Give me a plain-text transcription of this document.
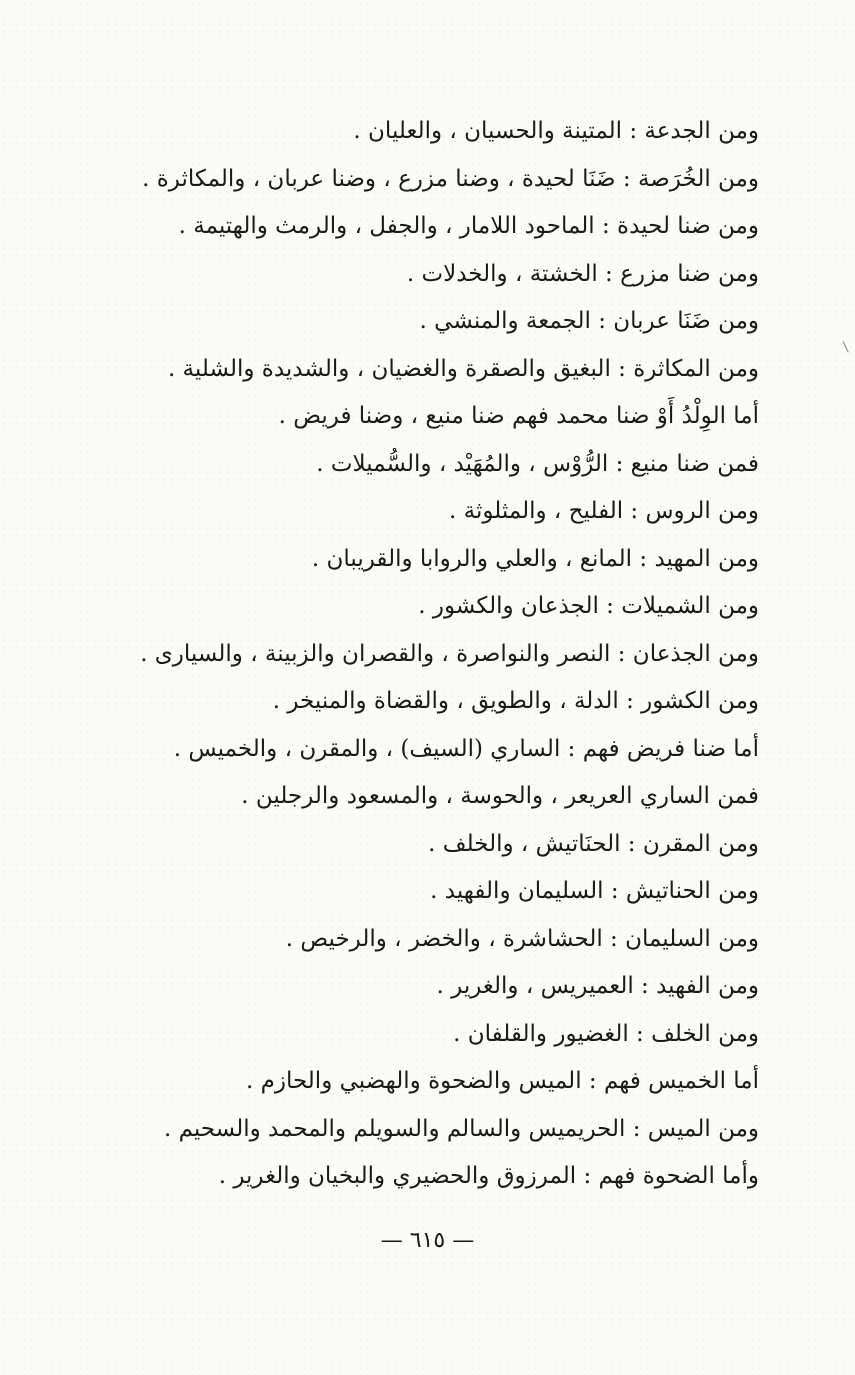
ومن الجدعة : المتينة والحسيان ، والعليان .
ومن الخُرَصة : ضَنَا لحيدة ، وضنا مزرع ، وضنا عربان ، والمكاثرة .
ومن ضنا لحيدة : الماحود اللامار ، والجفل ، والرمث والهتيمة .
ومن ضنا مزرع : الخشتة ، والخدلات .
ومن ضَنَا عربان : الجمعة والمنشي .
ومن المكاثرة : البغيق والصقرة والغضيان ، والشديدة والشلية .
أما الوِلْدُ أَوْ ضنا محمد فهم ضنا منيع ، وضنا فريض .
فمن ضنا منيع : الرُّوْس ، والمُهَيْد ، والسُّميلات .
ومن الروس : الفليح ، والمثلوثة .
ومن المهيد : المانع ، والعلي والروابا والقريبان .
ومن الشميلات : الجذعان والكشور .
ومن الجذعان : النصر والنواصرة ، والقصران والزبينة ، والسيارى .
ومن الكشور : الدلة ، والطويق ، والقضاة والمنيخر .
أما ضنا فريض فهم : الساري (السيف) ، والمقرن ، والخميس .
فمن الساري العريعر ، والحوسة ، والمسعود والرجلين .
ومن المقرن : الحنَاتيش ، والخلف .
ومن الحناتيش : السليمان والفهيد .
ومن السليمان : الحشاشرة ، والخضر ، والرخيص .
ومن الفهيد : العميريس ، والغرير .
ومن الخلف : الغضيور والقلفان .
أما الخميس فهم : الميس والضحوة والهضبي والحازم .
ومن الميس : الحريميس والسالم والسويلم والمحمد والسحيم .
وأما الضحوة فهم : المرزوق والحضيري والبخيان والغرير .
— ٦١٥ —
